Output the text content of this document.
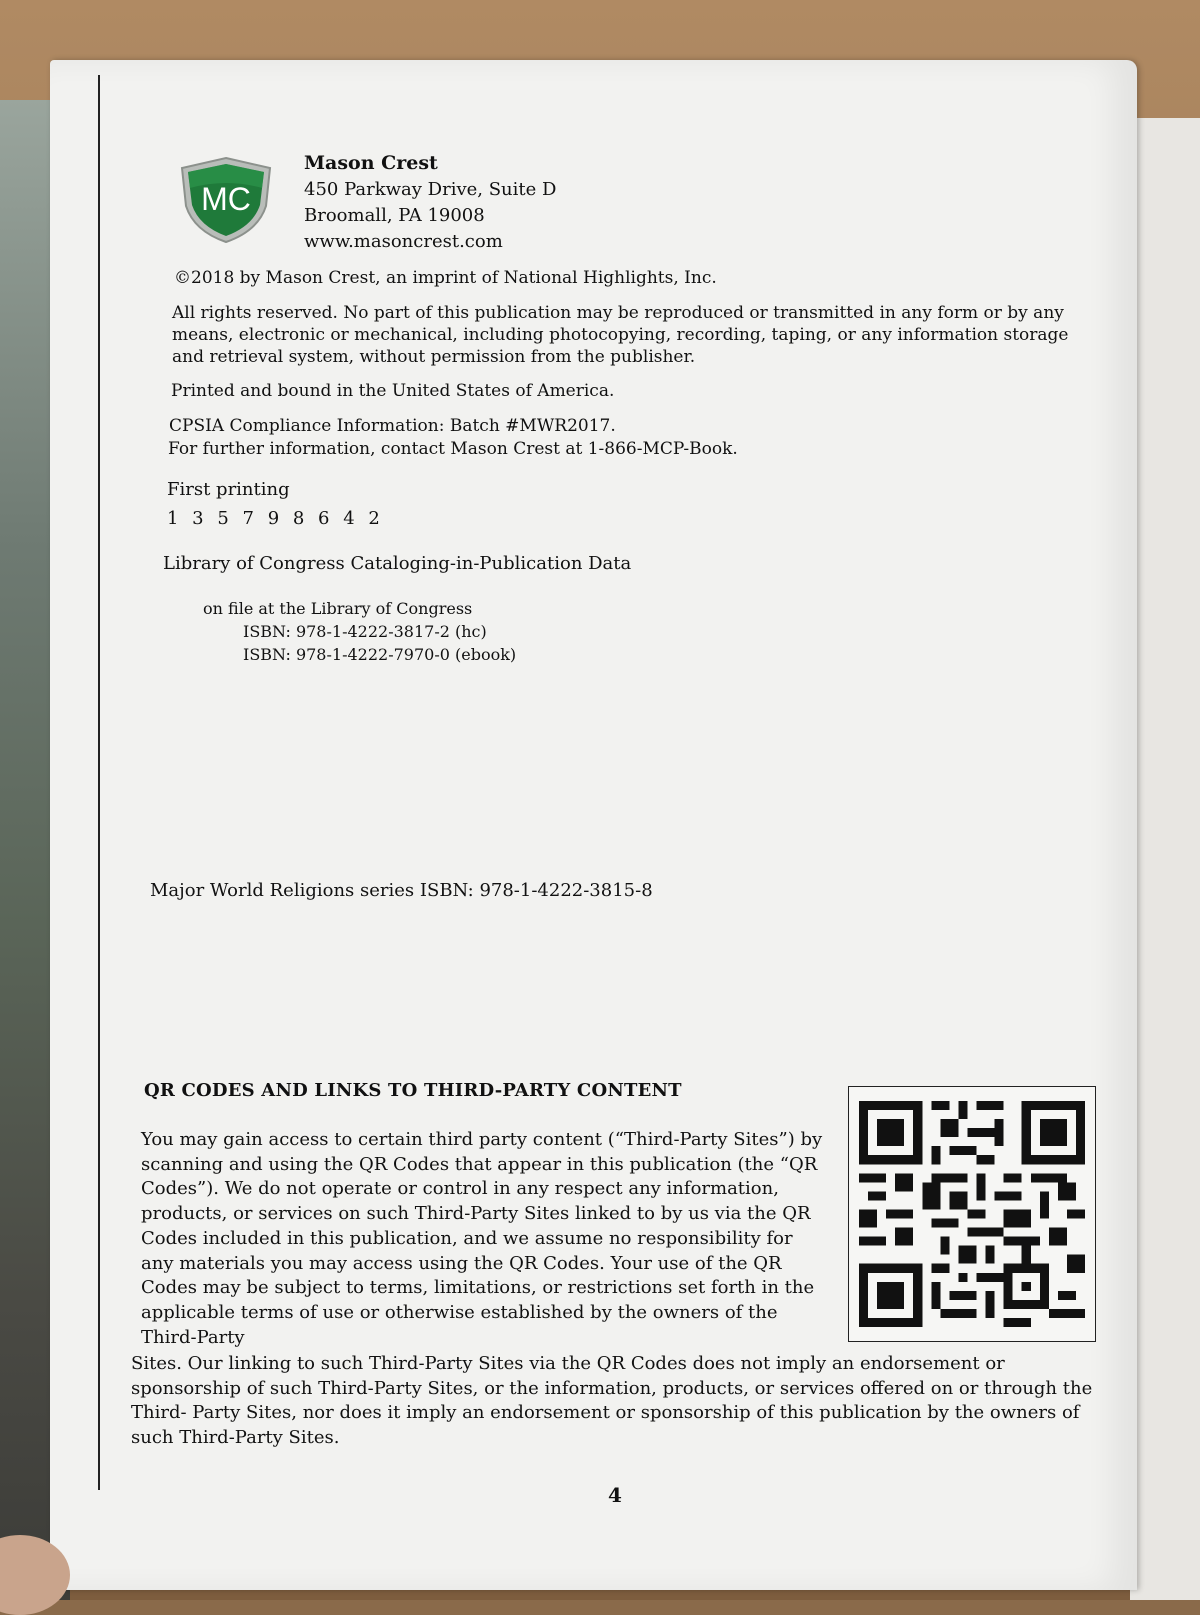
MC
Mason Crest
450 Parkway Drive, Suite D
Broomall, PA 19008
www.masoncrest.com
©2018 by Mason Crest, an imprint of National Highlights, Inc.
All rights reserved. No part of this publication may be reproduced or transmitted in any form or by any means, electronic or mechanical, including photocopying, recording, taping, or any information storage and retrieval system, without permission from the publisher.
Printed and bound in the United States of America.
CPSIA Compliance Information: Batch #MWR2017.
For further information, contact Mason Crest at 1-866-MCP-Book.
First printing
1 3 5 7 9 8 6 4 2
Library of Congress Cataloging-in-Publication Data
on file at the Library of Congress
ISBN: 978-1-4222-3817-2 (hc)
ISBN: 978-1-4222-7970-0 (ebook)
Major World Religions series ISBN: 978-1-4222-3815-8
QR CODES AND LINKS TO THIRD-PARTY CONTENT
You may gain access to certain third party content (“Third-Party Sites”) by scanning and using the QR Codes that appear in this publication (the “QR Codes”). We do not operate or control in any respect any information, products, or services on such Third-Party Sites linked to by us via the QR Codes included in this publication, and we assume no responsibility for any materials you may access using the QR Codes. Your use of the QR Codes may be subject to terms, limitations, or restrictions set forth in the applicable terms of use or otherwise established by the owners of the Third-Party
Sites. Our linking to such Third-Party Sites via the QR Codes does not imply an endorsement or sponsorship of such Third-Party Sites, or the information, products, or services offered on or through the Third- Party Sites, nor does it imply an endorsement or sponsorship of this publication by the owners of such Third-Party Sites.
4
